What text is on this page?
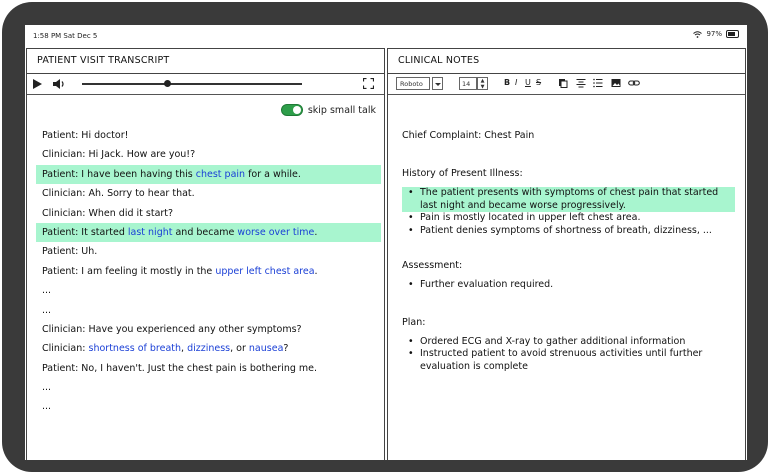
1:58 PM Sat Dec 5	97%
PATIENT VISIT TRANSCRIPT
skip small talk
Patient: Hi doctor!
Clinician: Hi Jack. How are you!?
Patient: I have been having this chest pain for a while.
Clinician: Ah. Sorry to hear that.
Clinician: When did it start?
Patient: It started last night and became worse over time.
Patient: Uh.
Patient: I am feeling it mostly in the upper left chest area.
...
...
Clinician: Have you experienced any other symptoms?
Clinician: shortness of breath, dizziness, or nausea?
Patient: No, I haven't. Just the chest pain is bothering me.
...
...
CLINICAL NOTES
Roboto	14	▲
▼	B I U S
Chief Complaint: Chest Pain
History of Present Illness:
• The patient presents with symptoms of chest pain that started last night and became worse progressively.
• Pain is mostly located in upper left chest area.
• Patient denies symptoms of shortness of breath, dizziness, ...
Assessment:
• Further evaluation required.
Plan:
• Ordered ECG and X-ray to gather additional information
• Instructed patient to avoid strenuous activities until further evaluation is complete
